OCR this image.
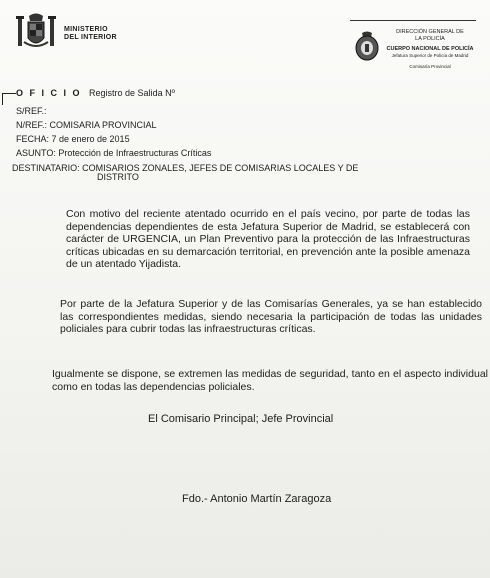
MINISTERIO
DEL INTERIOR
DIRECCIÓN GENERAL DE
LA POLICÍA
CUERPO NACIONAL DE POLICÍA
Jefatura Superior de Policía de Madrid
Comisaría Provincial
O F I C I O Registro de Salida Nº
S/REF.:
N/REF.: COMISARIA PROVINCIAL
FECHA: 7 de enero de 2015
ASUNTO: Protección de Infraestructuras Críticas
DESTINATARIO: COMISARIOS ZONALES, JEFES DE COMISARIAS LOCALES Y DE
DISTRITO
Con motivo del reciente atentado ocurrido en el país vecino, por parte de todas las dependencias dependientes de esta Jefatura Superior de Madrid, se establecerá con carácter de URGENCIA, un Plan Preventivo para la protección de las Infraestructuras críticas ubicadas en su demarcación territorial, en prevención ante la posible amenaza de un atentado Yijadista.
Por parte de la Jefatura Superior y de las Comisarías Generales, ya se han establecido las correspondientes medidas, siendo necesaria la participación de todas las unidades policiales para cubrir todas las infraestructuras críticas.
Igualmente se dispone, se extremen las medidas de seguridad, tanto en el aspecto individual como en todas las dependencias policiales.
El Comisario Principal; Jefe Provincial
Fdo.- Antonio Martín Zaragoza
